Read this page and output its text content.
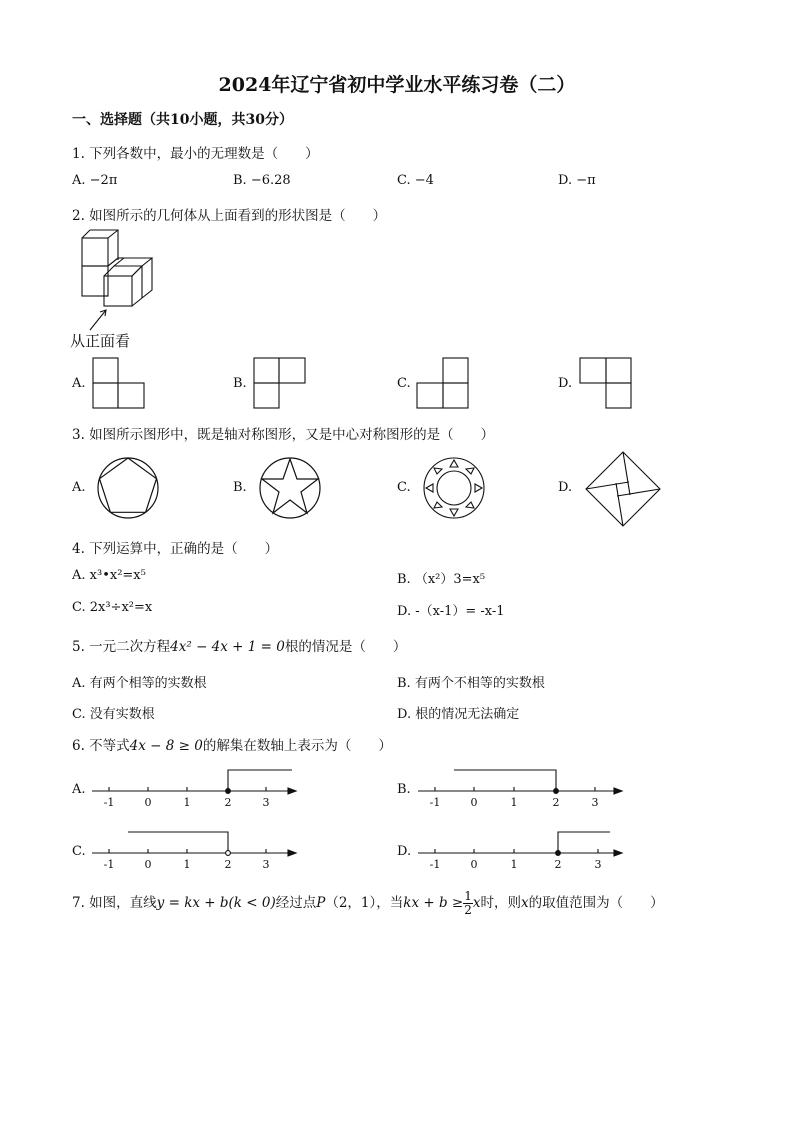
2024年辽宁省初中学业水平练习卷（二）
一、选择题（共10小题，共30分）
1. 下列各数中，最小的无理数是（　　）
A. −2π	B. −6.28	C. −4	D. −π
2. 如图所示的几何体从上面看到的形状图是（　　）
从正面看
A.	B.	C.	D.
3. 如图所示图形中，既是轴对称图形，又是中心对称图形的是（　　）
A.	B.	C.	D.
4. 下列运算中，正确的是（　　）
A. x³•x²=x⁵	B. （x²）3=x⁵
C. 2x³÷x²=x	D. -（x-1）= -x-1
5. 一元二次方程4x² − 4x + 1 = 0根的情况是（　　）
A. 有两个相等的实数根	B. 有两个不相等的实数根
C. 没有实数根	D. 根的情况无法确定
6. 不等式4x − 8 ≥ 0的解集在数轴上表示为（　　）
A.	B.
C.	D.
-1	0	1	2	3	-1	0	1	2	3
-1	0	1	2	3	-1	0	1	2	3
7. 如图，直线y = kx + b(k < 0)经过点P（2，1），当kx + $b \ge \frac{1}{2}$ x时，则x的取值范围为（　　）
